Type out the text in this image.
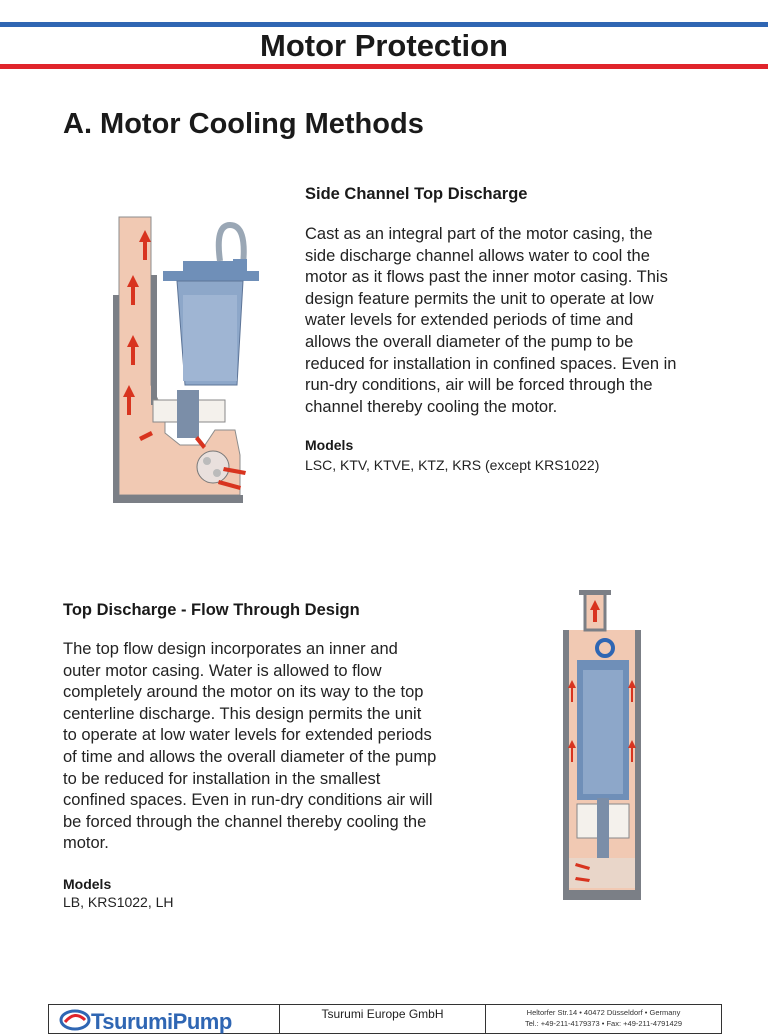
Motor Protection
A. Motor Cooling Methods
Side Channel Top Discharge
Cast as an integral part of the motor casing, the
side discharge channel allows water to cool the
motor as it flows past the inner motor casing. This
design feature permits the unit to operate at low
water levels for extended periods of time and
allows the overall diameter of the pump to be
reduced for installation in confined spaces. Even in
run-dry conditions, air will be forced through the
channel thereby cooling the motor.
Models
LSC, KTV, KTVE, KTZ, KRS (except KRS1022)
Top Discharge - Flow Through Design
The top flow design incorporates an inner and
outer motor casing. Water is allowed to flow
completely around the motor on its way to the top
centerline discharge. This design permits the unit
to operate at low water levels for extended periods
of time and allows the overall diameter of the pump
to be reduced for installation in the smallest
confined spaces. Even in run-dry conditions air will
be forced through the channel thereby cooling the
motor.
Models
LB, KRS1022, LH
TsurumiPump	Tsurumi Europe GmbH	Heltorfer Str.14 • 40472 Düsseldorf • Germany
Tel.: +49-211-4179373 • Fax: +49-211-4791429
